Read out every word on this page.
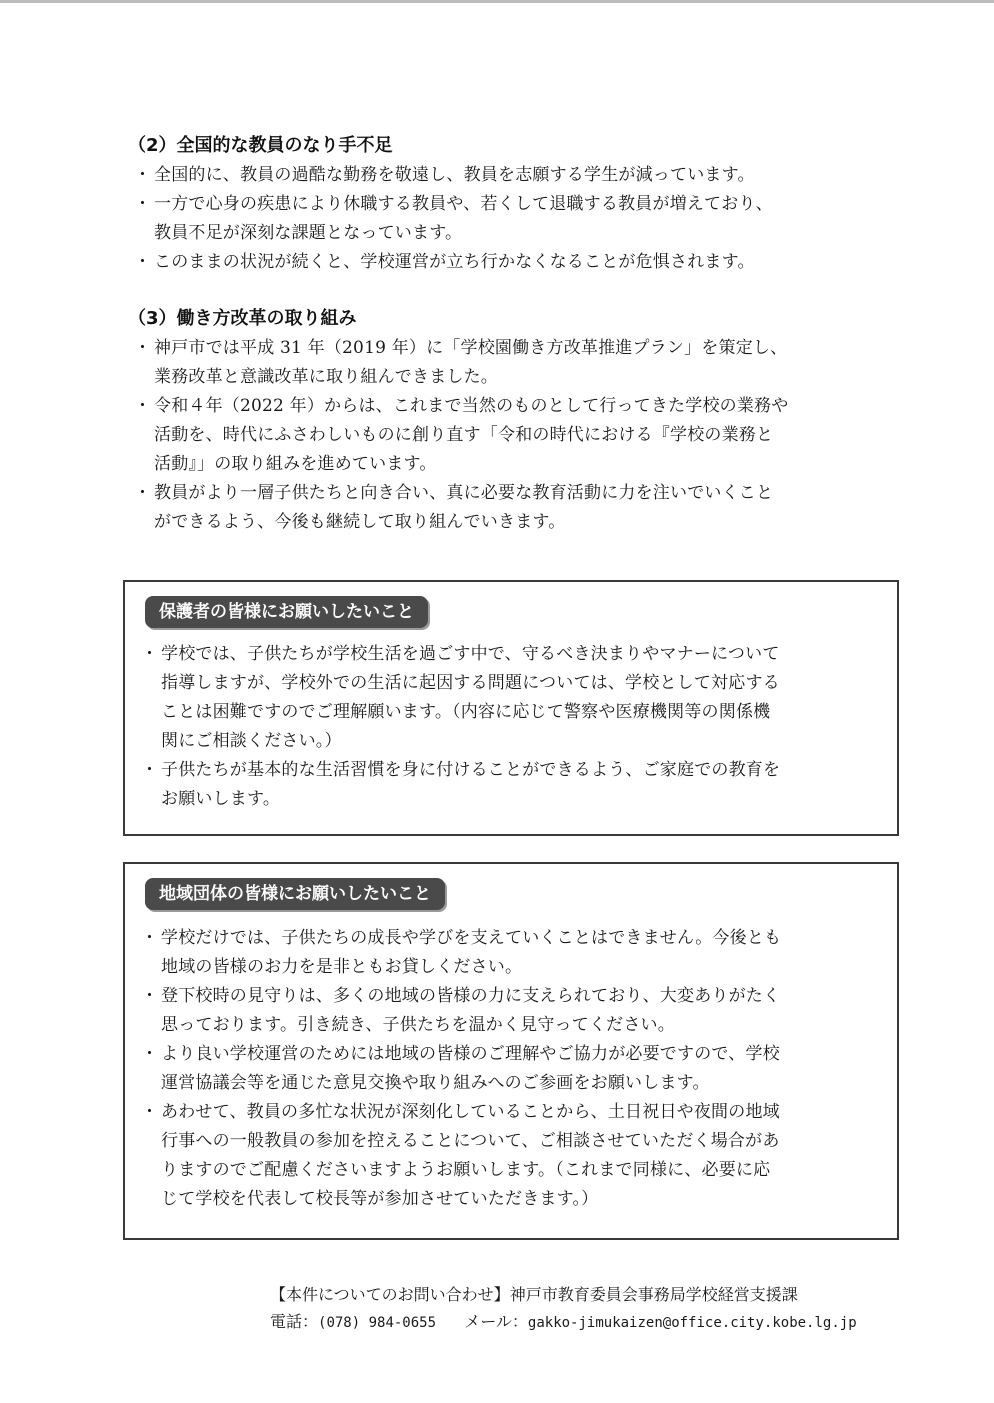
（2）全国的な教員のなり手不足
・ 全国的に、教員の過酷な勤務を敬遠し、教員を志願する学生が減っています。
・ 一方で心身の疾患により休職する教員や、若くして退職する教員が増えており、
教員不足が深刻な課題となっています。
・ このままの状況が続くと、学校運営が立ち行かなくなることが危惧されます。
（3）働き方改革の取り組み
・ 神戸市では平成 31 年（2019 年）に「学校園働き方改革推進プラン」を策定し、
業務改革と意識改革に取り組んできました。
・ 令和４年（2022 年）からは、これまで当然のものとして行ってきた学校の業務や
活動を、時代にふさわしいものに創り直す「令和の時代における『学校の業務と
活動』」の取り組みを進めています。
・ 教員がより一層子供たちと向き合い、真に必要な教育活動に力を注いでいくこと
ができるよう、今後も継続して取り組んでいきます。
保護者の皆様にお願いしたいこと
・ 学校では、子供たちが学校生活を過ごす中で、守るべき決まりやマナーについて
指導しますが、学校外での生活に起因する問題については、学校として対応する
ことは困難ですのでご理解願います。（内容に応じて警察や医療機関等の関係機
関にご相談ください。）
・ 子供たちが基本的な生活習慣を身に付けることができるよう、ご家庭での教育を
お願いします。
地域団体の皆様にお願いしたいこと
・ 学校だけでは、子供たちの成長や学びを支えていくことはできません。今後とも
地域の皆様のお力を是非ともお貸しください。
・ 登下校時の見守りは、多くの地域の皆様の力に支えられており、大変ありがたく
思っております。引き続き、子供たちを温かく見守ってください。
・ より良い学校運営のためには地域の皆様のご理解やご協力が必要ですので、学校
運営協議会等を通じた意見交換や取り組みへのご参画をお願いします。
・ あわせて、教員の多忙な状況が深刻化していることから、土日祝日や夜間の地域
行事への一般教員の参加を控えることについて、ご相談させていただく場合があ
りますのでご配慮くださいますようお願いします。（これまで同様に、必要に応
じて学校を代表して校長等が参加させていただきます。）
【本件についてのお問い合わせ】神戸市教育委員会事務局学校経営支援課
電話：(078) 984-0655 メール：gakko-jimukaizen@office.city.kobe.lg.jp
